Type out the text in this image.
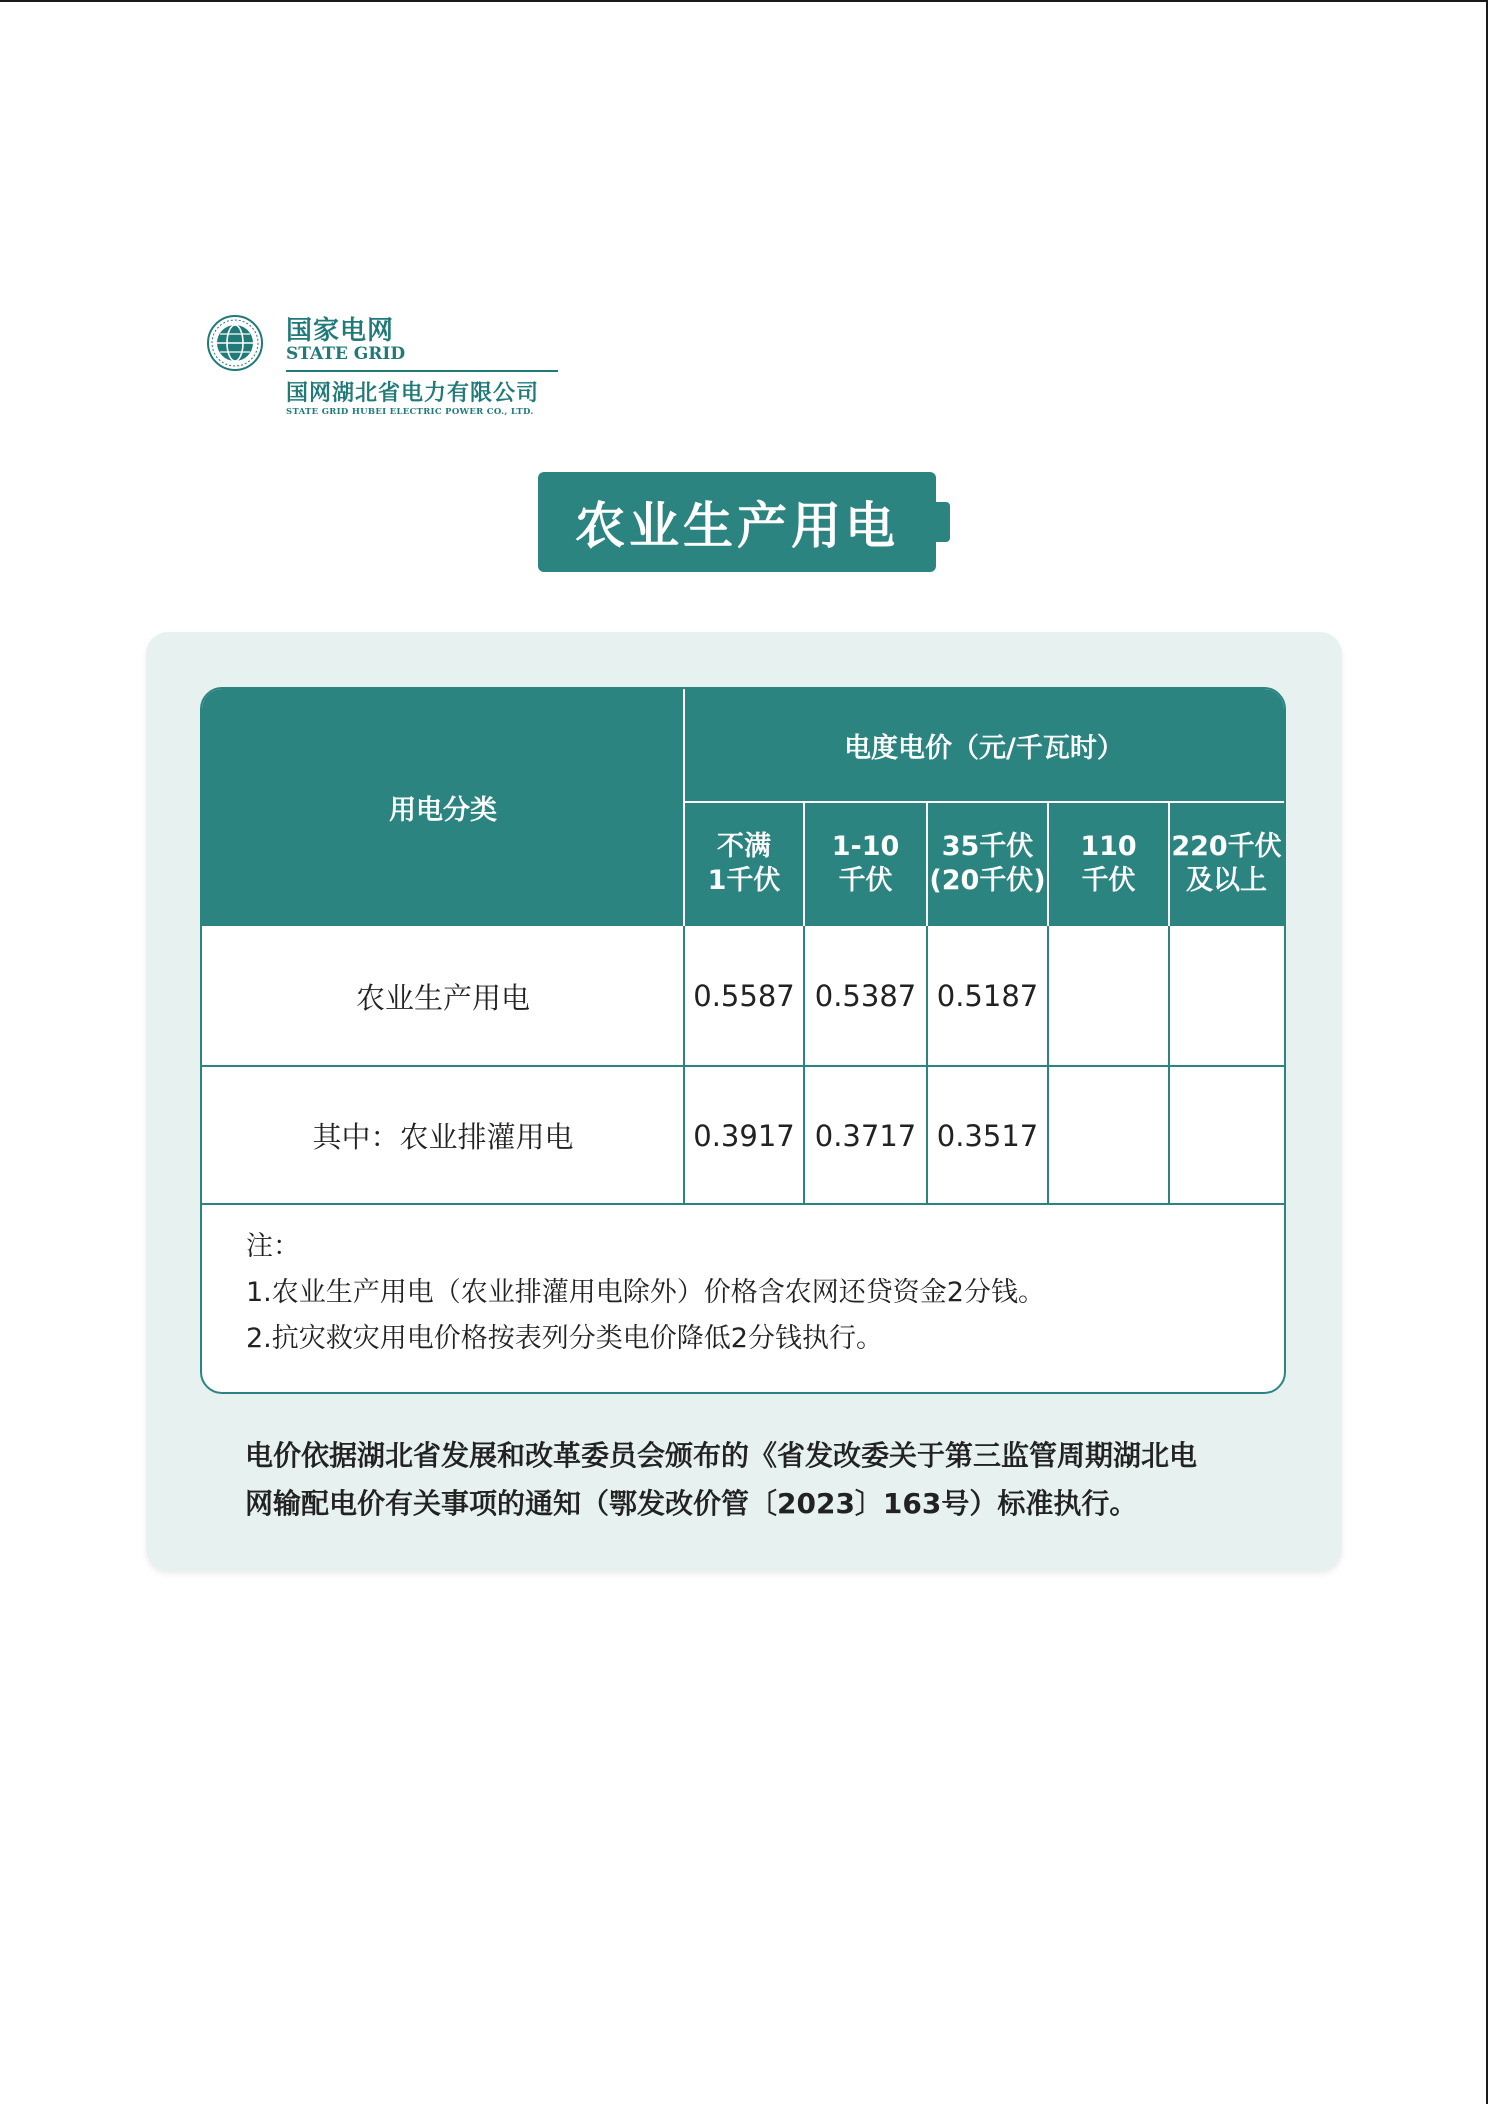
国家电网
STATE GRID
国网湖北省电力有限公司
STATE GRID HUBEI ELECTRIC POWER CO., LTD.
农业生产用电
用电分类
电度电价（元/千瓦时）
不满
1千伏
1-10
千伏
35千伏
(20千伏)
110
千伏
220千伏
及以上
农业生产用电	0.5587 0.5387 0.5187
其中：农业排灌用电	0.3917 0.3717 0.3517
注：
1.农业生产用电（农业排灌用电除外）价格含农网还贷资金2分钱。
2.抗灾救灾用电价格按表列分类电价降低2分钱执行。
电价依据湖北省发展和改革委员会颁布的《省发改委关于第三监管周期湖北电
网输配电价有关事项的通知（鄂发改价管〔2023〕163号）标准执行。
